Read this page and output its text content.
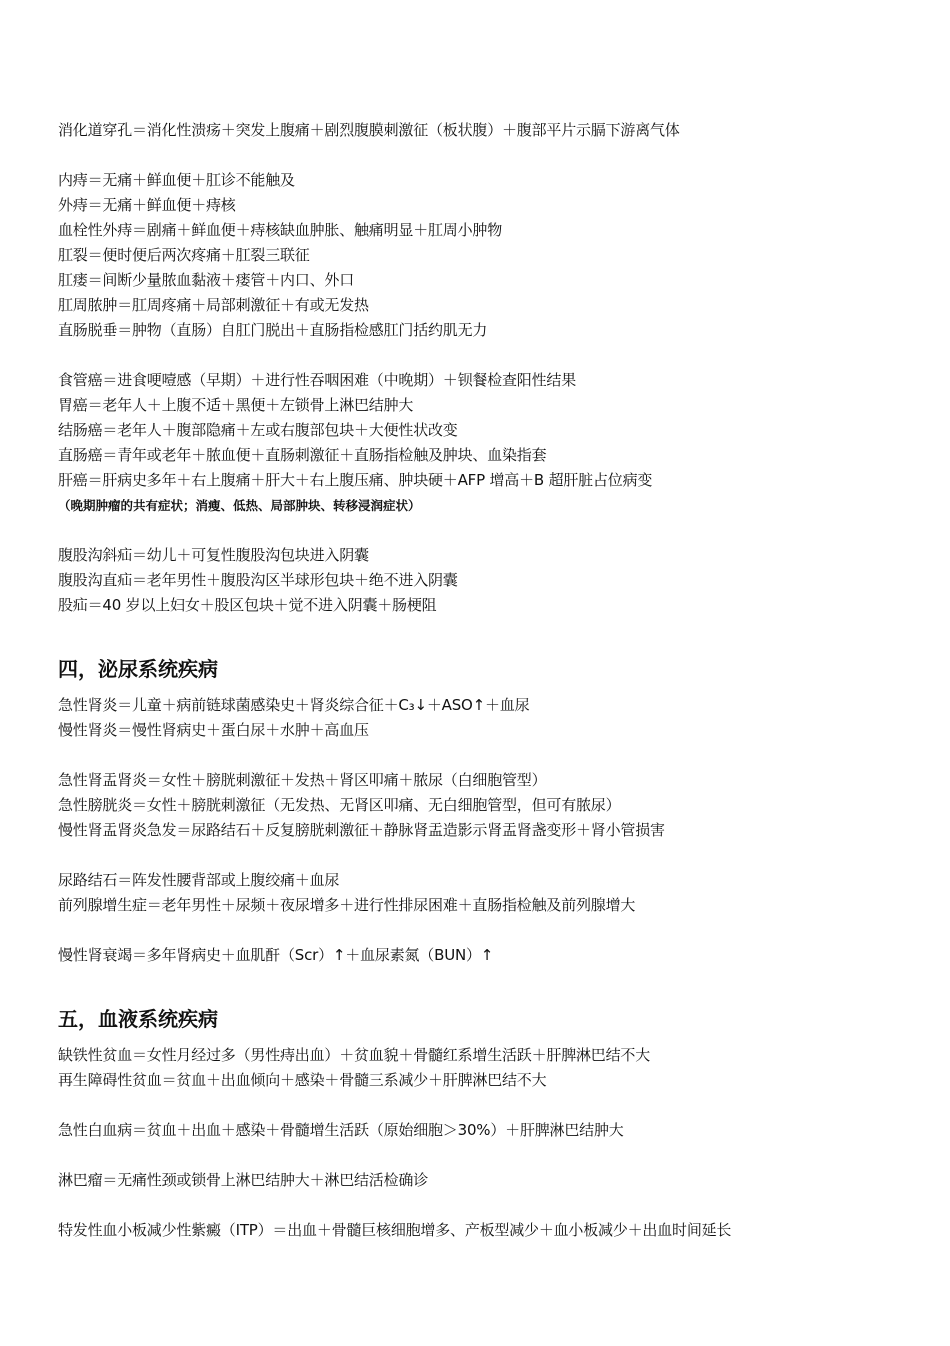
消化道穿孔＝消化性溃疡＋突发上腹痛＋剧烈腹膜刺激征（板状腹）＋腹部平片示膈下游离气体
内痔＝无痛＋鲜血便＋肛诊不能触及
外痔＝无痛＋鲜血便＋痔核
血栓性外痔＝剧痛＋鲜血便＋痔核缺血肿胀、触痛明显＋肛周小肿物
肛裂＝便时便后两次疼痛＋肛裂三联征
肛瘘＝间断少量脓血黏液＋瘘管＋内口、外口
肛周脓肿＝肛周疼痛＋局部刺激征＋有或无发热
直肠脱垂＝肿物（直肠）自肛门脱出＋直肠指检感肛门括约肌无力
食管癌＝进食哽噎感（早期）＋进行性吞咽困难（中晚期）＋钡餐检查阳性结果
胃癌＝老年人＋上腹不适＋黑便＋左锁骨上淋巴结肿大
结肠癌＝老年人＋腹部隐痛＋左或右腹部包块＋大便性状改变
直肠癌＝青年或老年＋脓血便＋直肠刺激征＋直肠指检触及肿块、血染指套
肝癌＝肝病史多年＋右上腹痛＋肝大＋右上腹压痛、肿块硬＋AFP 增高＋B 超肝脏占位病变
（晚期肿瘤的共有症状；消瘦、低热、局部肿块、转移浸润症状）
腹股沟斜疝＝幼儿＋可复性腹股沟包块进入阴囊
腹股沟直疝＝老年男性＋腹股沟区半球形包块＋绝不进入阴囊
股疝＝40 岁以上妇女＋股区包块＋觉不进入阴囊＋肠梗阻
四，泌尿系统疾病
急性肾炎＝儿童＋病前链球菌感染史＋肾炎综合征＋C₃↓＋ASO↑＋血尿
慢性肾炎＝慢性肾病史＋蛋白尿＋水肿＋高血压
急性肾盂肾炎＝女性＋膀胱刺激征＋发热＋肾区叩痛＋脓尿（白细胞管型）
急性膀胱炎＝女性＋膀胱刺激征（无发热、无肾区叩痛、无白细胞管型，但可有脓尿）
慢性肾盂肾炎急发＝尿路结石＋反复膀胱刺激征＋静脉肾盂造影示肾盂肾盏变形＋肾小管损害
尿路结石＝阵发性腰背部或上腹绞痛＋血尿
前列腺增生症＝老年男性＋尿频＋夜尿增多＋进行性排尿困难＋直肠指检触及前列腺增大
慢性肾衰竭＝多年肾病史＋血肌酐（Scr）↑＋血尿素氮（BUN）↑
五，血液系统疾病
缺铁性贫血＝女性月经过多（男性痔出血）＋贫血貌＋骨髓红系增生活跃＋肝脾淋巴结不大
再生障碍性贫血＝贫血＋出血倾向＋感染＋骨髓三系减少＋肝脾淋巴结不大
急性白血病＝贫血＋出血＋感染＋骨髓增生活跃（原始细胞＞30%）＋肝脾淋巴结肿大
淋巴瘤＝无痛性颈或锁骨上淋巴结肿大＋淋巴结活检确诊
特发性血小板减少性紫癜（ITP）＝出血＋骨髓巨核细胞增多、产板型减少＋血小板减少＋出血时间延长
